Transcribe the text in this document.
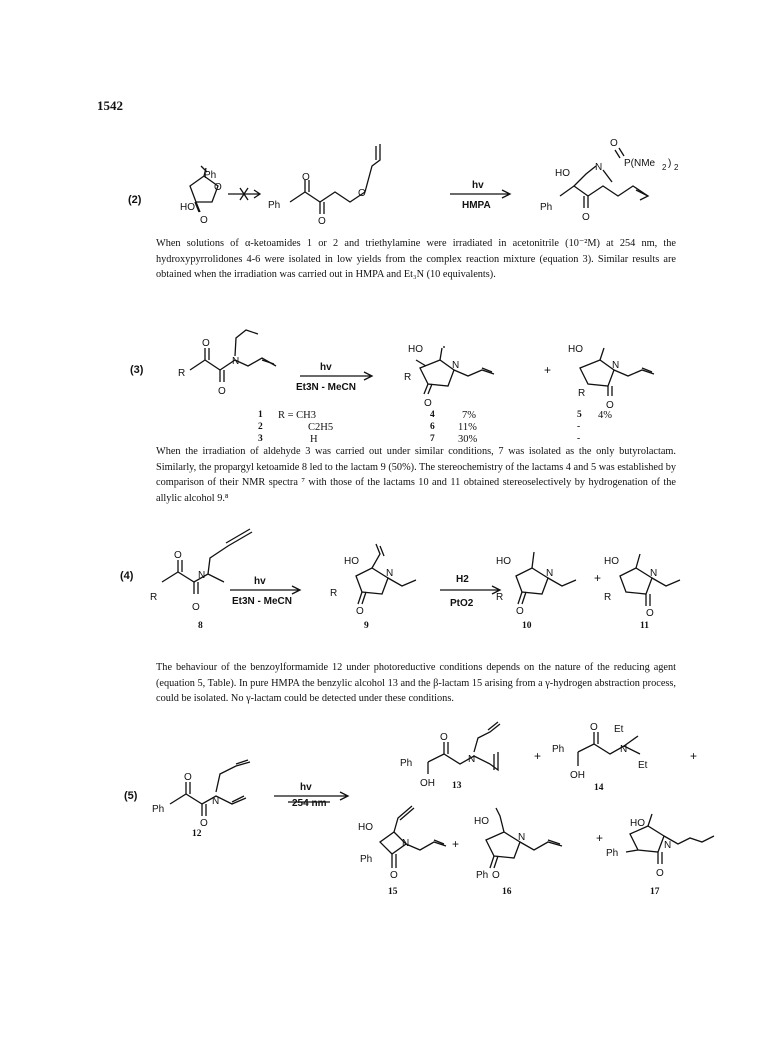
1542
(2)
Ph
HO
O
O
Ph
O
O
O
hv
HMPA	Ph
HO
N
O
P(NMe 2 ) 2
O
When solutions of α-ketoamides 1 or 2 and triethylamine were irradiated in acetonitrile (10⁻²M) at 254 nm, the hydroxypyrrolidones 4-6 were isolated in low yields from the complex reaction mixture (equation 3). Similar results are obtained when the irradiation was carried out in HMPA and Et₃N (10 equivalents).
(3)	R
O
N
O
hv
Et3N - MeCN
HO
R
N
O
+
HO
R
N
O
1 R = CH3	4	7%	5 4%
2	C2H5	6 11%	-
3	H	7 30%	-
When the irradiation of aldehyde 3 was carried out under similar conditions, 7 was isolated as the only butyrolactam. Similarly, the propargyl ketoamide 8 led to the lactam 9 (50%). The stereochemistry of the lactams 4 and 5 was established by comparison of their NMR spectra ⁷ with those of the lactams 10 and 11 obtained stereoselectively by hydrogenation of the allylic alcohol 9.⁸
(4)
O
N
R
O
hv
Et3N - MeCN
HO
R
N
O
H2
PtO2
HO
R
N
O
+
HO
R
N
O
8	9	10	11
The behaviour of the benzoylformamide 12 under photoreductive conditions depends on the nature of the reducing agent (equation 5, Table). In pure HMPA the benzylic alcohol 13 and the β-lactam 15 arising from a γ-hydrogen abstraction process, could be isolated. No γ-lactam could be detected under these conditions.
(5)
Ph
O
N
O
hv
254 nm
Ph
O
OH
N	+ Ph
O Et
N
OH
Et
+
HO
Ph
N
O
+
HO
N
Ph O
+
HO
Ph
N
O
12
13	14
15	16	17
